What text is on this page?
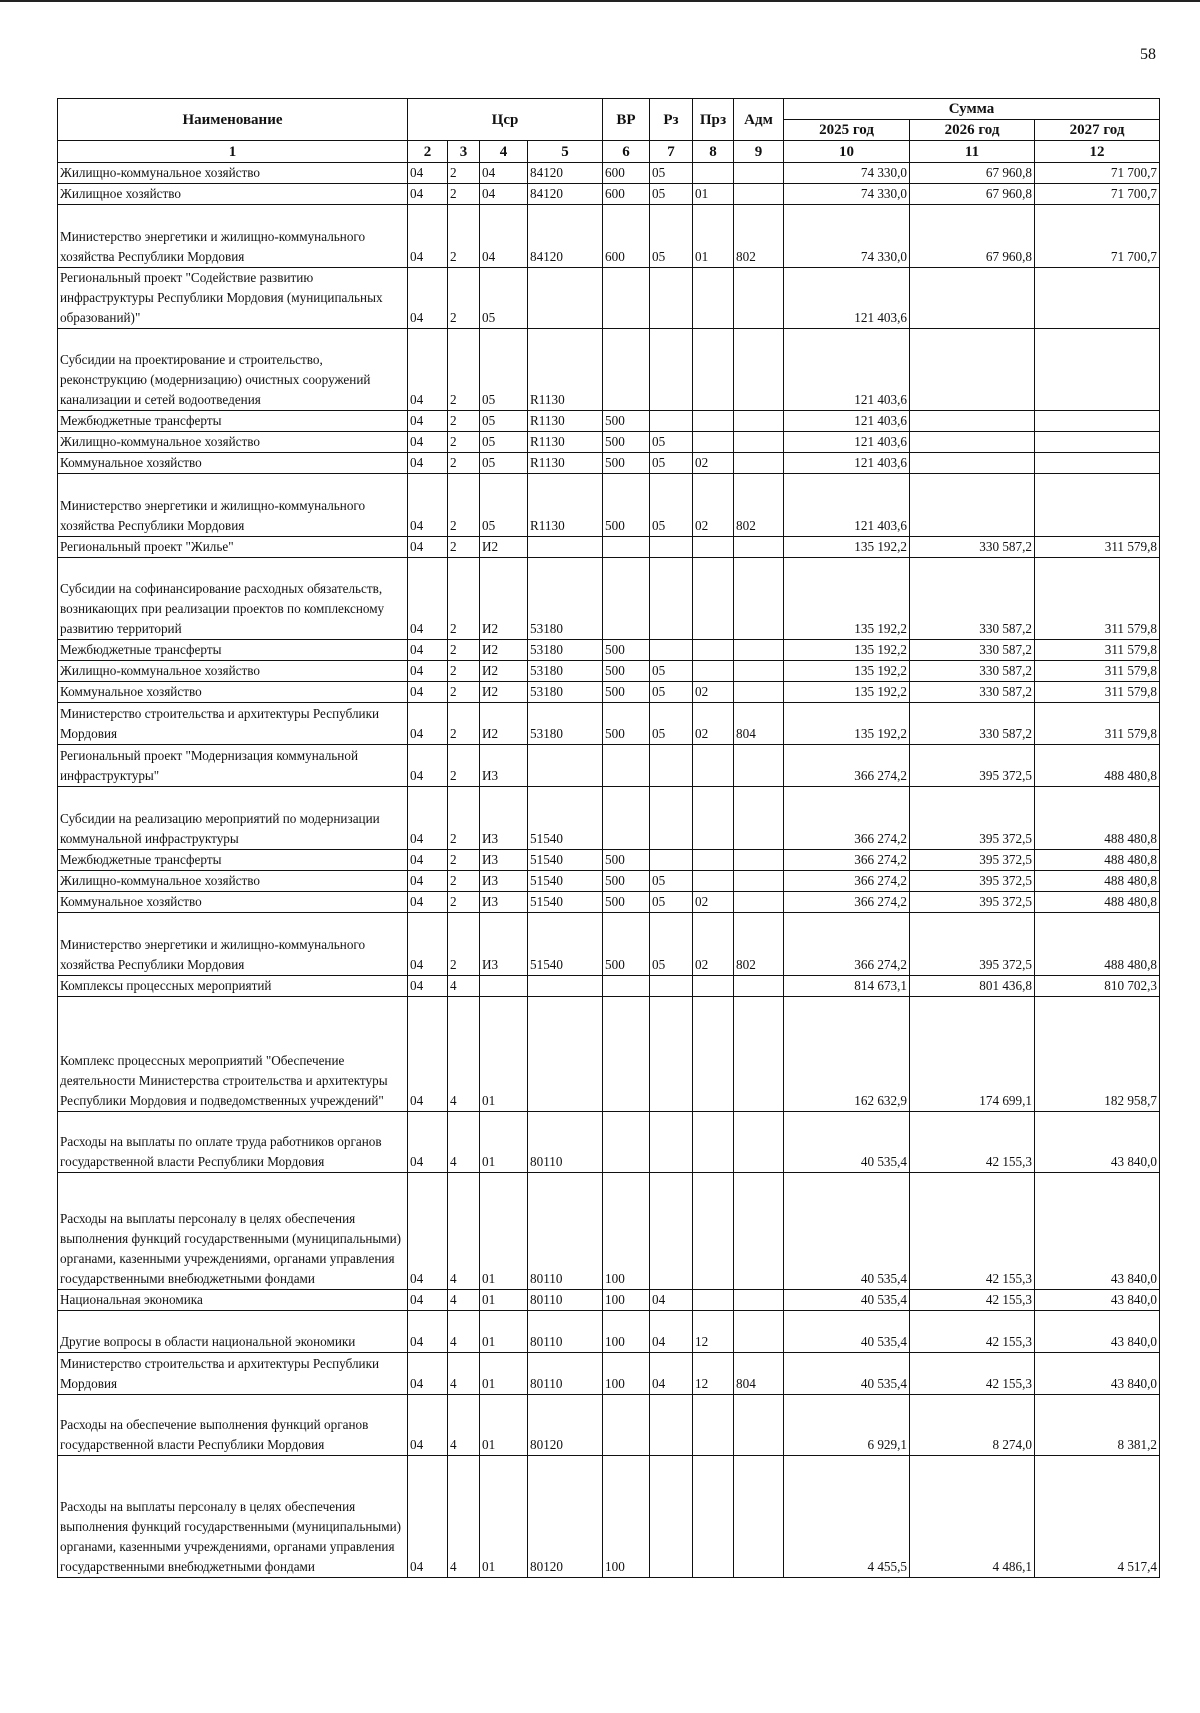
58
Наименование	Цср				ВР	Рз	Прз	Адм	Сумма		
									2025 год	2026 год	2027 год
1	2	3	4	5	6	7	8	9	10	11	12
Жилищно-коммунальное хозяйство	04	2	04	84120	600	05			74 330,0	67 960,8	71 700,7
Жилищное хозяйство	04	2	04	84120	600	05	01		74 330,0	67 960,8	71 700,7
Министерство энергетики и жилищно-коммунального хозяйства Республики Мордовия	04	2	04	84120	600	05	01	802	74 330,0	67 960,8	71 700,7
Региональный проект "Содействие развитию инфраструктуры Республики Мордовия (муниципальных образований)"	04	2	05						121 403,6		
Субсидии на проектирование и строительство, реконструкцию (модернизацию) очистных сооружений канализации и сетей водоотведения	04	2	05	R1130					121 403,6		
Межбюджетные трансферты	04	2	05	R1130	500				121 403,6		
Жилищно-коммунальное хозяйство	04	2	05	R1130	500	05			121 403,6		
Коммунальное хозяйство	04	2	05	R1130	500	05	02		121 403,6		
Министерство энергетики и жилищно-коммунального хозяйства Республики Мордовия	04	2	05	R1130	500	05	02	802	121 403,6		
Региональный проект "Жилье"	04	2	И2						135 192,2	330 587,2	311 579,8
Субсидии на софинансирование расходных обязательств, возникающих при реализации проектов по комплексному развитию территорий	04	2	И2	53180					135 192,2	330 587,2	311 579,8
Межбюджетные трансферты	04	2	И2	53180	500				135 192,2	330 587,2	311 579,8
Жилищно-коммунальное хозяйство	04	2	И2	53180	500	05			135 192,2	330 587,2	311 579,8
Коммунальное хозяйство	04	2	И2	53180	500	05	02		135 192,2	330 587,2	311 579,8
Министерство строительства и архитектуры Республики Мордовия	04	2	И2	53180	500	05	02	804	135 192,2	330 587,2	311 579,8
Региональный проект "Модернизация коммунальной инфраструктуры"	04	2	И3						366 274,2	395 372,5	488 480,8
Субсидии на реализацию мероприятий по модернизации коммунальной инфраструктуры	04	2	И3	51540					366 274,2	395 372,5	488 480,8
Межбюджетные трансферты	04	2	И3	51540	500				366 274,2	395 372,5	488 480,8
Жилищно-коммунальное хозяйство	04	2	И3	51540	500	05			366 274,2	395 372,5	488 480,8
Коммунальное хозяйство	04	2	И3	51540	500	05	02		366 274,2	395 372,5	488 480,8
Министерство энергетики и жилищно-коммунального хозяйства Республики Мордовия	04	2	И3	51540	500	05	02	802	366 274,2	395 372,5	488 480,8
Комплексы процессных мероприятий	04	4							814 673,1	801 436,8	810 702,3
Комплекс процессных мероприятий "Обеспечение деятельности Министерства строительства и архитектуры Республики Мордовия и подведомственных учреждений"	04	4	01						162 632,9	174 699,1	182 958,7
Расходы на выплаты по оплате труда работников органов государственной власти Республики Мордовия	04	4	01	80110					40 535,4	42 155,3	43 840,0
Расходы на выплаты персоналу в целях обеспечения выполнения функций государственными (муниципальными) органами, казенными учреждениями, органами управления государственными внебюджетными фондами	04	4	01	80110	100				40 535,4	42 155,3	43 840,0
Национальная экономика	04	4	01	80110	100	04			40 535,4	42 155,3	43 840,0
Другие вопросы в области национальной экономики	04	4	01	80110	100	04	12		40 535,4	42 155,3	43 840,0
Министерство строительства и архитектуры Республики Мордовия	04	4	01	80110	100	04	12	804	40 535,4	42 155,3	43 840,0
Расходы на обеспечение выполнения функций органов государственной власти Республики Мордовия	04	4	01	80120					6 929,1	8 274,0	8 381,2
Расходы на выплаты персоналу в целях обеспечения выполнения функций государственными (муниципальными) органами, казенными учреждениями, органами управления государственными внебюджетными фондами	04	4	01	80120	100				4 455,5	4 486,1	4 517,4
